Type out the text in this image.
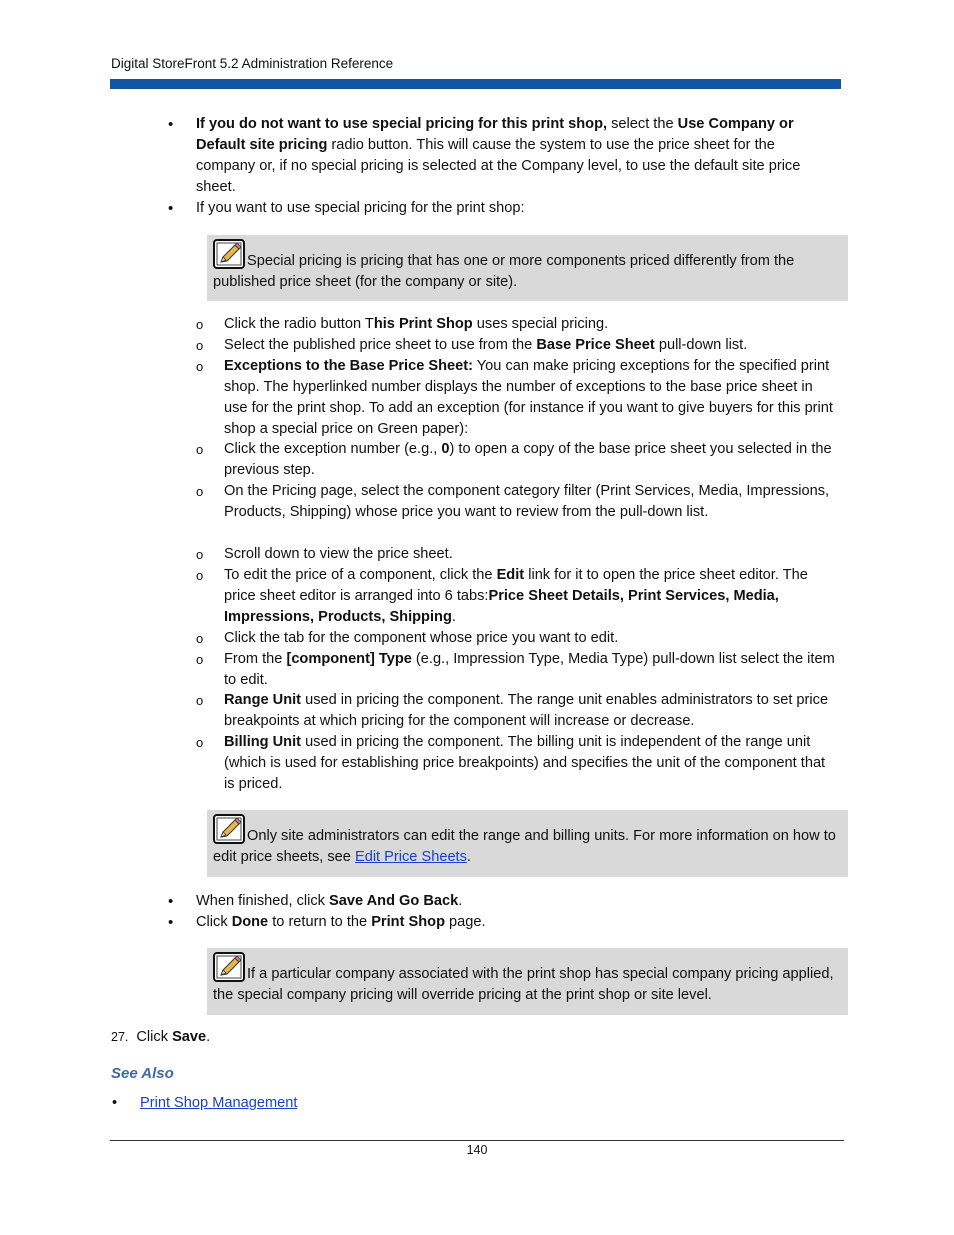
Digital StoreFront 5.2 Administration Reference
• If you do not want to use special pricing for this print shop, select the Use Company or Default site pricing radio button. This will cause the system to use the price sheet for the company or, if no special pricing is selected at the Company level, to use the default site price sheet.
• If you want to use special pricing for the print shop:
Special pricing is pricing that has one or more components priced differently from the published price sheet (for the company or site).
o Click the radio button This Print Shop uses special pricing.
o Select the published price sheet to use from the Base Price Sheet pull-down list.
o Exceptions to the Base Price Sheet: You can make pricing exceptions for the specified print shop. The hyperlinked number displays the number of exceptions to the base price sheet in use for the print shop. To add an exception (for instance if you want to give buyers for this print shop a special price on Green paper):
o Click the exception number (e.g., 0) to open a copy of the base price sheet you selected in the previous step.
o On the Pricing page, select the component category filter (Print Services, Media, Impressions, Products, Shipping) whose price you want to review from the pull-down list.
o Scroll down to view the price sheet.
o To edit the price of a component, click the Edit link for it to open the price sheet editor. The price sheet editor is arranged into 6 tabs:Price Sheet Details, Print Services, Media, Impressions, Products, Shipping.
o Click the tab for the component whose price you want to edit.
o From the [component] Type (e.g., Impression Type, Media Type) pull-down list select the item to edit.
o Range Unit used in pricing the component. The range unit enables administrators to set price breakpoints at which pricing for the component will increase or decrease.
o Billing Unit used in pricing the component. The billing unit is independent of the range unit (which is used for establishing price breakpoints) and specifies the unit of the component that is priced.
Only site administrators can edit the range and billing units. For more information on how to edit price sheets, see Edit Price Sheets.
• When finished, click Save And Go Back.
• Click Done to return to the Print Shop page.
If a particular company associated with the print shop has special company pricing applied, the special company pricing will override pricing at the print shop or site level.
27. Click Save.
See Also
• Print Shop Management
140
